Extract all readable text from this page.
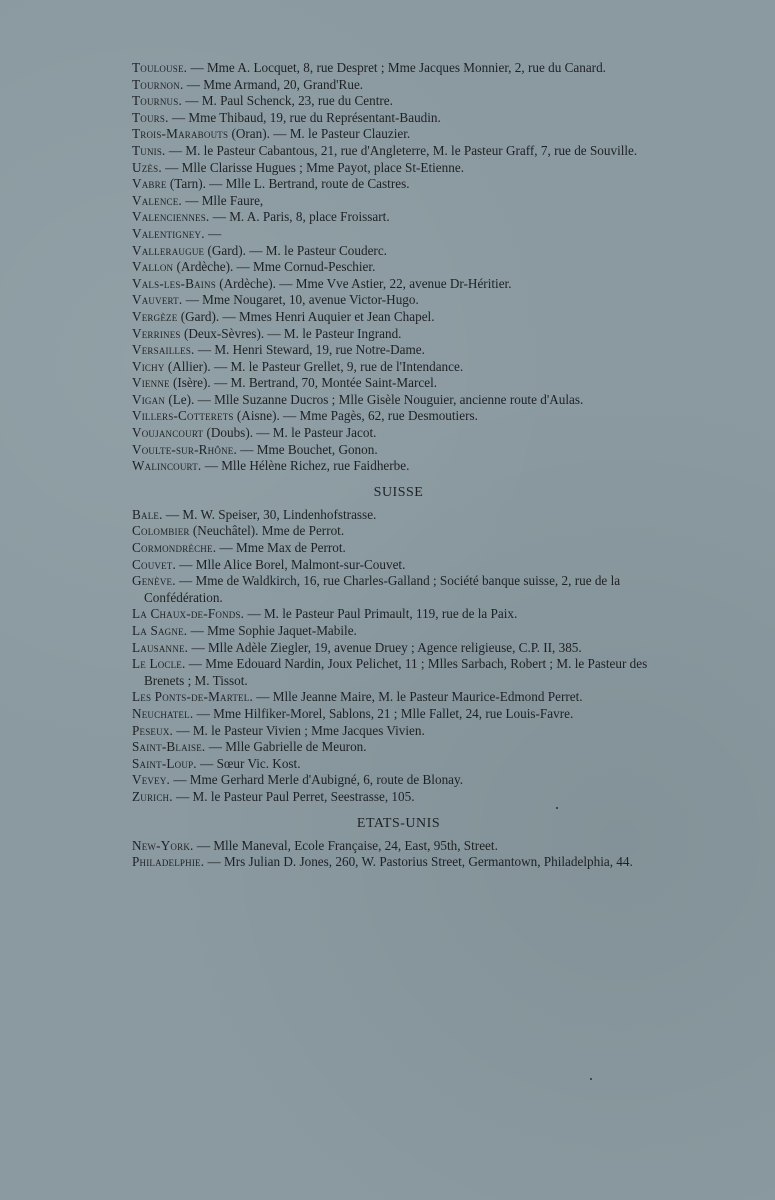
Toulouse. — Mme A. Locquet, 8, rue Despret ; Mme Jacques Monnier, 2, rue du Canard.

Tournon. — Mme Armand, 20, Grand'Rue.

Tournus. — M. Paul Schenck, 23, rue du Centre.

Tours. — Mme Thibaud, 19, rue du Représentant-Baudin.

Trois-Marabouts (Oran). — M. le Pasteur Clauzier.

Tunis. — M. le Pasteur Cabantous, 21, rue d'Angleterre, M. le Pasteur Graff, 7, rue de Souville.

Uzès. — Mlle Clarisse Hugues ; Mme Payot, place St-Etienne.

Vabre (Tarn). — Mlle L. Bertrand, route de Castres.

Valence. — Mlle Faure,

Valenciennes. — M. A. Paris, 8, place Froissart.

Valentigney. —

Valleraugue (Gard). — M. le Pasteur Couderc.

Vallon (Ardèche). — Mme Cornud-Peschier.

Vals-les-Bains (Ardèche). — Mme Vve Astier, 22, avenue Dr-Héritier.

Vauvert. — Mme Nougaret, 10, avenue Victor-Hugo.

Vergèze (Gard). — Mmes Henri Auquier et Jean Chapel.

Verrines (Deux-Sèvres). — M. le Pasteur Ingrand.

Versailles. — M. Henri Steward, 19, rue Notre-Dame.

Vichy (Allier). — M. le Pasteur Grellet, 9, rue de l'Intendance.

Vienne (Isère). — M. Bertrand, 70, Montée Saint-Marcel.

Vigan (Le). — Mlle Suzanne Ducros ; Mlle Gisèle Nouguier, ancienne route d'Aulas.

Villers-Cotterets (Aisne). — Mme Pagès, 62, rue Desmoutiers.

Voujancourt (Doubs). — M. le Pasteur Jacot.

Voulte-sur-Rhône. — Mme Bouchet, Gonon.

Walincourt. — Mlle Hélène Richez, rue Faidherbe.

SUISSE

Bale. — M. W. Speiser, 30, Lindenhofstrasse.

Colombier (Neuchâtel). Mme de Perrot.

Cormondrèche. — Mme Max de Perrot.

Couvet. — Mlle Alice Borel, Malmont-sur-Couvet.

Genève. — Mme de Waldkirch, 16, rue Charles-Galland ; Société banque suisse, 2, rue de la Confédération.

La Chaux-de-Fonds. — M. le Pasteur Paul Primault, 119, rue de la Paix.

La Sagne. — Mme Sophie Jaquet-Mabile.

Lausanne. — Mlle Adèle Ziegler, 19, avenue Druey ; Agence religieuse, C.P. II, 385.

Le Locle. — Mme Edouard Nardin, Joux Pelichet, 11 ; Mlles Sarbach, Robert ; M. le Pasteur des Brenets ; M. Tissot.

Les Ponts-de-Martel. — Mlle Jeanne Maire, M. le Pasteur Maurice-Edmond Perret.

Neuchatel. — Mme Hilfiker-Morel, Sablons, 21 ; Mlle Fallet, 24, rue Louis-Favre.

Peseux. — M. le Pasteur Vivien ; Mme Jacques Vivien.

Saint-Blaise. — Mlle Gabrielle de Meuron.

Saint-Loup. — Sœur Vic. Kost.

Vevey. — Mme Gerhard Merle d'Aubigné, 6, route de Blonay.

Zurich. — M. le Pasteur Paul Perret, Seestrasse, 105.

ETATS-UNIS

New-York. — Mlle Maneval, Ecole Française, 24, East, 95th, Street.

Philadelphie. — Mrs Julian D. Jones, 260, W. Pastorius Street, Germantown, Philadelphia, 44.
